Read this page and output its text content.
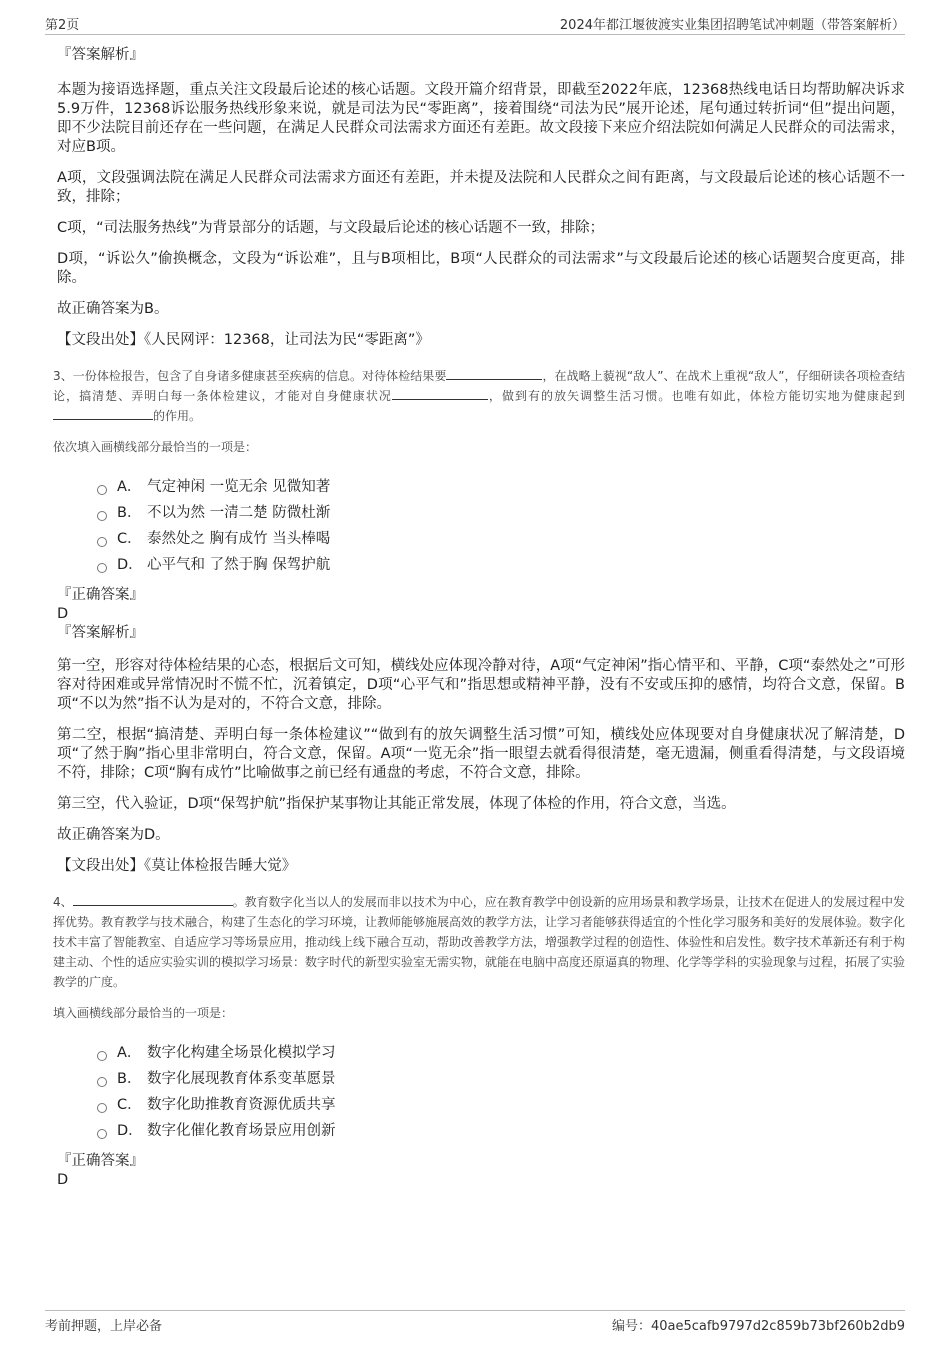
第2页	2024年都江堰彼渡实业集团招聘笔试冲刺题（带答案解析）
『答案解析』

本题为接语选择题，重点关注文段最后论述的核心话题。文段开篇介绍背景，即截至2022年底，12368热线电话日均帮助解决诉求5.9万件，12368诉讼服务热线形象来说，就是司法为民“零距离”，接着围绕“司法为民”展开论述，尾句通过转折词“但”提出问题，即不少法院目前还存在一些问题，在满足人民群众司法需求方面还有差距。故文段接下来应介绍法院如何满足人民群众的司法需求，对应B项。

A项，文段强调法院在满足人民群众司法需求方面还有差距，并未提及法院和人民群众之间有距离，与文段最后论述的核心话题不一致，排除；

C项，“司法服务热线”为背景部分的话题，与文段最后论述的核心话题不一致，排除；

D项，“诉讼久”偷换概念，文段为“诉讼难”，且与B项相比，B项“人民群众的司法需求”与文段最后论述的核心话题契合度更高，排除。

故正确答案为B。

【文段出处】《人民网评：12368，让司法为民“零距离”》

3、一份体检报告，包含了自身诸多健康甚至疾病的信息。对待体检结果要	，在战略上藐视“敌人”、在战术上重视“敌人”，仔细研读各项检查结论，搞清楚、弄明白每一条体检建议，才能对自身健康状况	，做到有的放矢调整生活习惯。也唯有如此，体检方能切实地为健康起到的作用。
依次填入画横线部分最恰当的一项是：
A． 气定神闲 一览无余 见微知著
B． 不以为然 一清二楚 防微杜渐
C． 泰然处之 胸有成竹 当头棒喝
D． 心平气和 了然于胸 保驾护航
『正确答案』
D
『答案解析』

第一空，形容对待体检结果的心态，根据后文可知，横线处应体现冷静对待，A项“气定神闲”指心情平和、平静，C项“泰然处之”可形容对待困难或异常情况时不慌不忙，沉着镇定，D项“心平气和”指思想或精神平静，没有不安或压抑的感情，均符合文意，保留。B项“不以为然”指不认为是对的，不符合文意，排除。

第二空，根据“搞清楚、弄明白每一条体检建议”“做到有的放矢调整生活习惯”可知，横线处应体现要对自身健康状况了解清楚，D项“了然于胸”指心里非常明白，符合文意，保留。A项“一览无余”指一眼望去就看得很清楚，毫无遗漏，侧重看得清楚，与文段语境不符，排除；C项“胸有成竹”比喻做事之前已经有通盘的考虑，不符合文意，排除。

第三空，代入验证，D项“保驾护航”指保护某事物让其能正常发展，体现了体检的作用，符合文意，当选。

故正确答案为D。

【文段出处】《莫让体检报告睡大觉》

4、	。教育数字化当以人的发展而非以技术为中心，应在教育教学中创设新的应用场景和教学场景，让技术在促进人的发展过程中发挥优势。教育教学与技术融合，构建了生态化的学习环境，让教师能够施展高效的教学方法，让学习者能够获得适宜的个性化学习服务和美好的发展体验。数字化技术丰富了智能教室、自适应学习等场景应用，推动线上线下融合互动，帮助改善教学方法，增强教学过程的创造性、体验性和启发性。数字技术革新还有利于构建主动、个性的适应实验实训的模拟学习场景：数字时代的新型实验室无需实物，就能在电脑中高度还原逼真的物理、化学等学科的实验现象与过程，拓展了实验教学的广度。
填入画横线部分最恰当的一项是：
A． 数字化构建全场景化模拟学习
B． 数字化展现教育体系变革愿景
C． 数字化助推教育资源优质共享
D． 数字化催化教育场景应用创新
『正确答案』
D
考前押题，上岸必备	编号：40ae5cafb9797d2c859b73bf260b2db9
